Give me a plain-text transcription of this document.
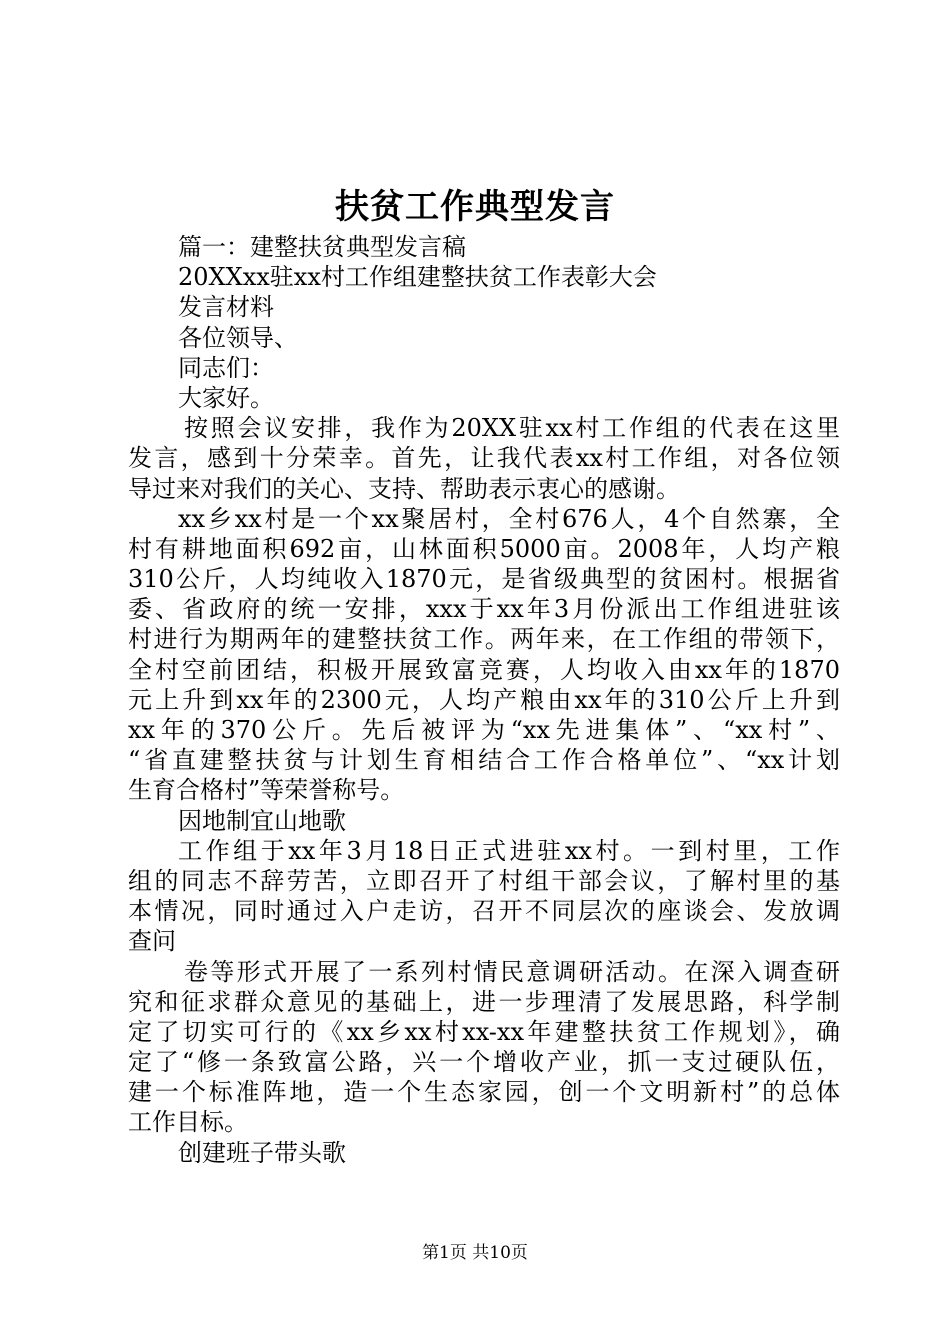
扶贫工作典型发言
篇一：建整扶贫典型发言稿
20XXxx驻xx村工作组建整扶贫工作表彰大会
发言材料
各位领导、
同志们：
大家好。
按照会议安排，我作为20XX驻xx村工作组的代表在这里
发言，感到十分荣幸。首先，让我代表xx村工作组，对各位领
导过来对我们的关心、支持、帮助表示衷心的感谢。
xx乡xx村是一个xx聚居村，全村676人，4个自然寨，全
村有耕地面积692亩，山林面积5000亩。2008年，人均产粮
310公斤，人均纯收入1870元，是省级典型的贫困村。根据省
委、省政府的统一安排，xxx于xx年3月份派出工作组进驻该
村进行为期两年的建整扶贫工作。两年来，在工作组的带领下，
全村空前团结，积极开展致富竞赛，人均收入由xx年的1870
元上升到xx年的2300元，人均产粮由xx年的310公斤上升到
xx年的370公斤。先后被评为“xx先进集体”、“xx村”、
“省直建整扶贫与计划生育相结合工作合格单位”、“xx计划
生育合格村”等荣誉称号。
因地制宜山地歌
工作组于xx年3月18日正式进驻xx村。一到村里，工作
组的同志不辞劳苦，立即召开了村组干部会议，了解村里的基
本情况，同时通过入户走访，召开不同层次的座谈会、发放调
查问
卷等形式开展了一系列村情民意调研活动。在深入调查研
究和征求群众意见的基础上，进一步理清了发展思路，科学制
定了切实可行的《xx乡xx村xx-xx年建整扶贫工作规划》，确
定了“修一条致富公路，兴一个增收产业，抓一支过硬队伍，
建一个标准阵地，造一个生态家园，创一个文明新村”的总体
工作目标。
创建班子带头歌
第1页 共10页
